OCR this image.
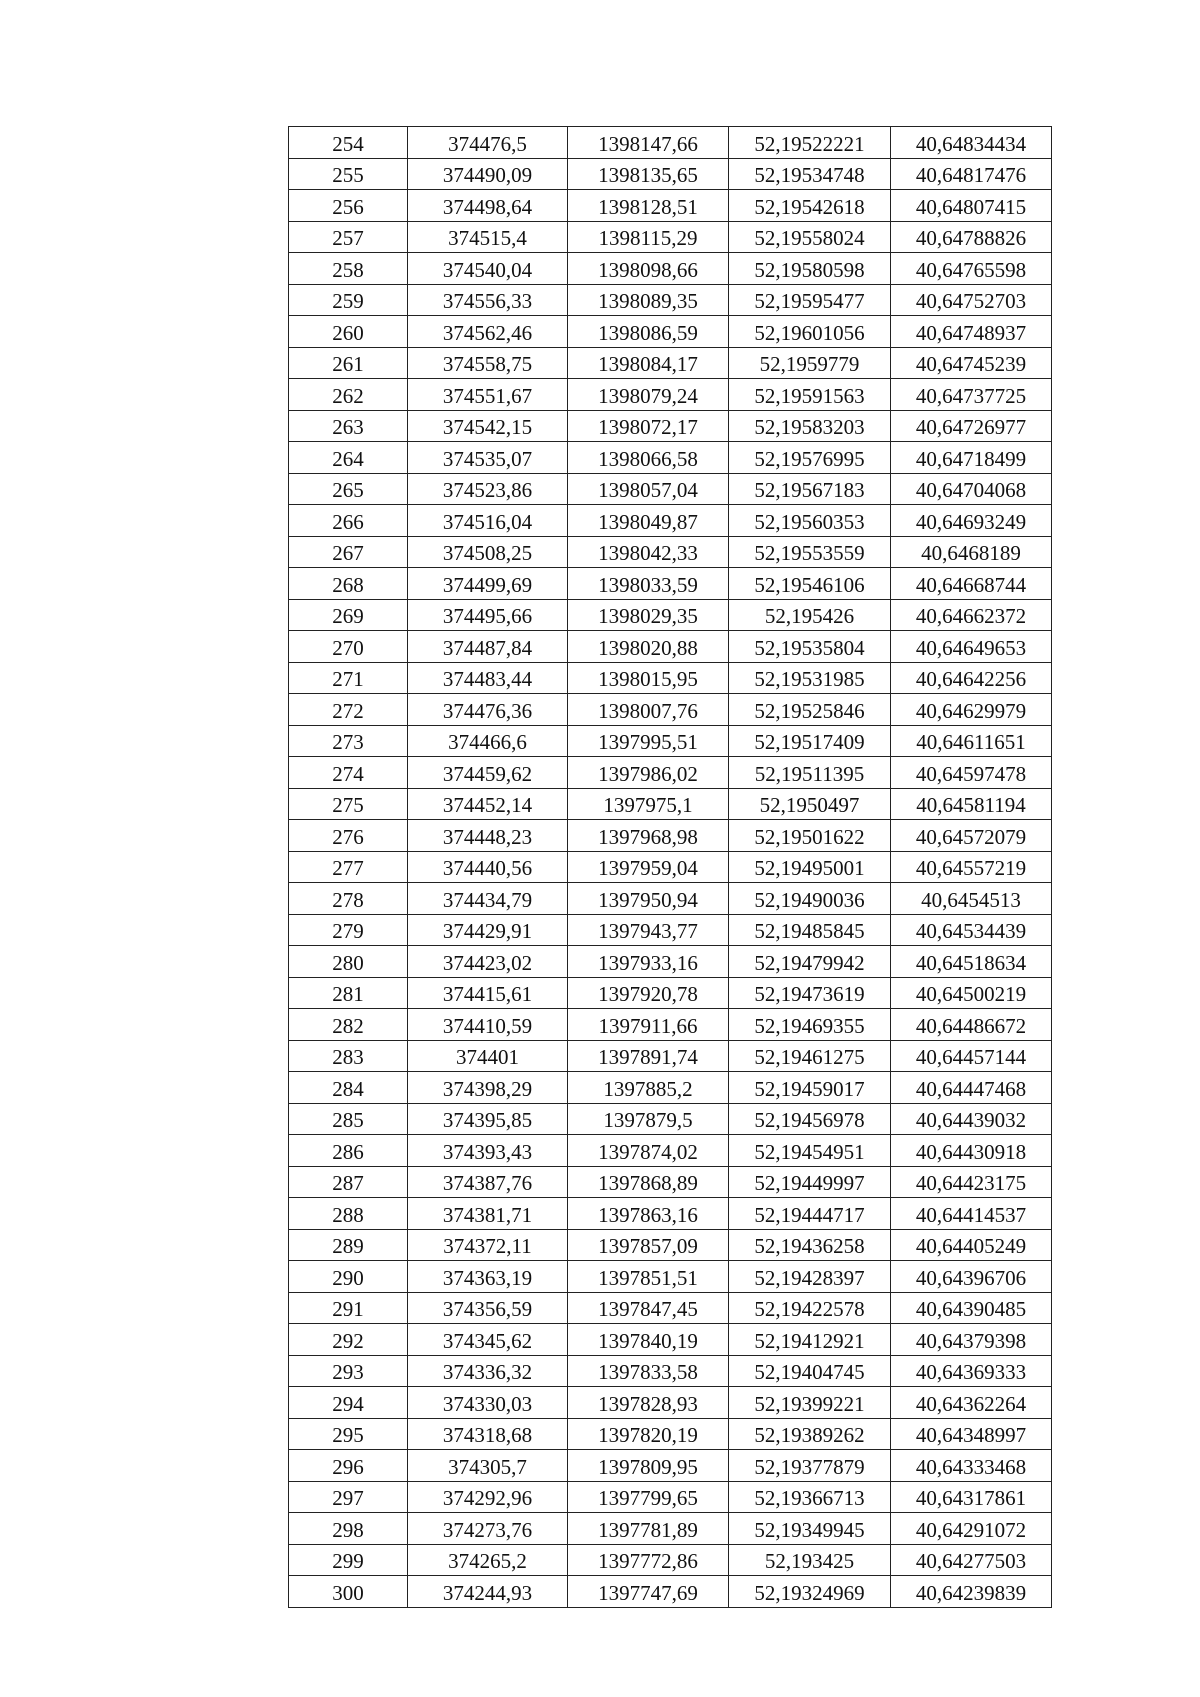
254	374476,5	1398147,66	52,19522221	40,64834434
255	374490,09	1398135,65	52,19534748	40,64817476
256	374498,64	1398128,51	52,19542618	40,64807415
257	374515,4	1398115,29	52,19558024	40,64788826
258	374540,04	1398098,66	52,19580598	40,64765598
259	374556,33	1398089,35	52,19595477	40,64752703
260	374562,46	1398086,59	52,19601056	40,64748937
261	374558,75	1398084,17	52,1959779	40,64745239
262	374551,67	1398079,24	52,19591563	40,64737725
263	374542,15	1398072,17	52,19583203	40,64726977
264	374535,07	1398066,58	52,19576995	40,64718499
265	374523,86	1398057,04	52,19567183	40,64704068
266	374516,04	1398049,87	52,19560353	40,64693249
267	374508,25	1398042,33	52,19553559	40,6468189
268	374499,69	1398033,59	52,19546106	40,64668744
269	374495,66	1398029,35	52,195426	40,64662372
270	374487,84	1398020,88	52,19535804	40,64649653
271	374483,44	1398015,95	52,19531985	40,64642256
272	374476,36	1398007,76	52,19525846	40,64629979
273	374466,6	1397995,51	52,19517409	40,64611651
274	374459,62	1397986,02	52,19511395	40,64597478
275	374452,14	1397975,1	52,1950497	40,64581194
276	374448,23	1397968,98	52,19501622	40,64572079
277	374440,56	1397959,04	52,19495001	40,64557219
278	374434,79	1397950,94	52,19490036	40,6454513
279	374429,91	1397943,77	52,19485845	40,64534439
280	374423,02	1397933,16	52,19479942	40,64518634
281	374415,61	1397920,78	52,19473619	40,64500219
282	374410,59	1397911,66	52,19469355	40,64486672
283	374401	1397891,74	52,19461275	40,64457144
284	374398,29	1397885,2	52,19459017	40,64447468
285	374395,85	1397879,5	52,19456978	40,64439032
286	374393,43	1397874,02	52,19454951	40,64430918
287	374387,76	1397868,89	52,19449997	40,64423175
288	374381,71	1397863,16	52,19444717	40,64414537
289	374372,11	1397857,09	52,19436258	40,64405249
290	374363,19	1397851,51	52,19428397	40,64396706
291	374356,59	1397847,45	52,19422578	40,64390485
292	374345,62	1397840,19	52,19412921	40,64379398
293	374336,32	1397833,58	52,19404745	40,64369333
294	374330,03	1397828,93	52,19399221	40,64362264
295	374318,68	1397820,19	52,19389262	40,64348997
296	374305,7	1397809,95	52,19377879	40,64333468
297	374292,96	1397799,65	52,19366713	40,64317861
298	374273,76	1397781,89	52,19349945	40,64291072
299	374265,2	1397772,86	52,193425	40,64277503
300	374244,93	1397747,69	52,19324969	40,64239839
